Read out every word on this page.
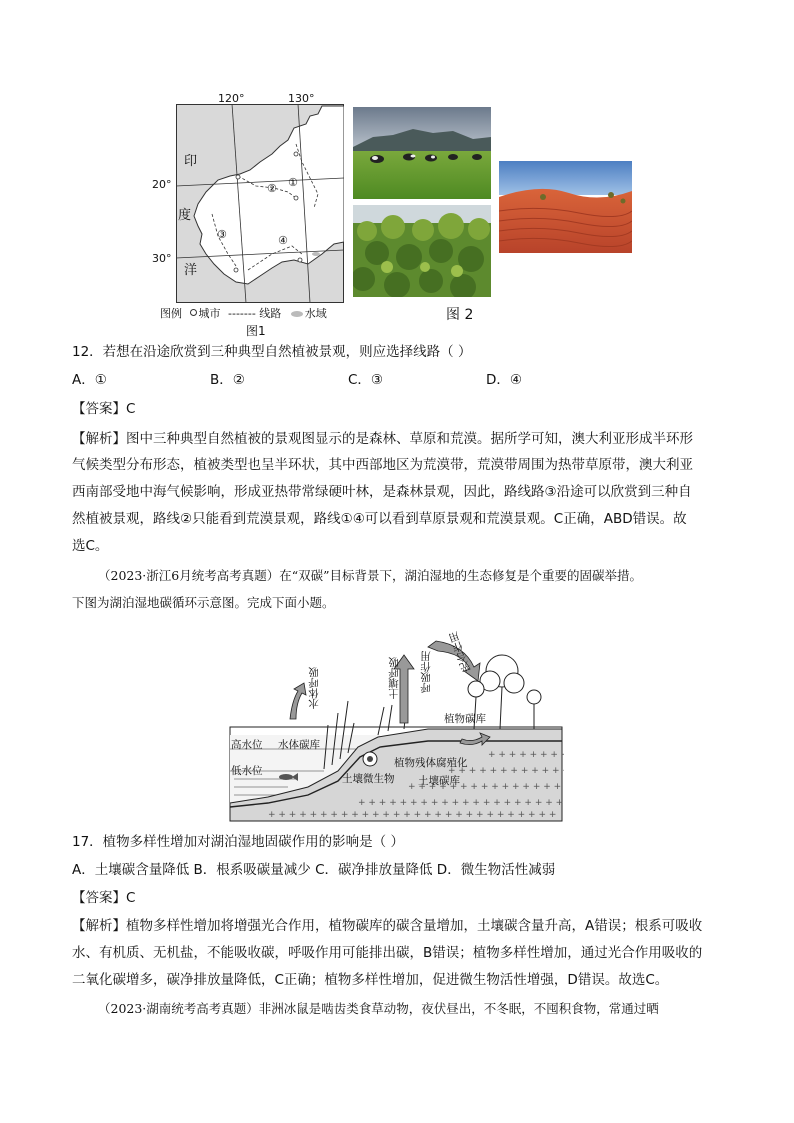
印
度
洋
①
②
③	④
120°	130°
20°
30°
图例 城市 ------- 线路 水域
图1
图 2
12．若想在沿途欣赏到三种典型自然植被景观，则应选择线路（ ）
A．①	B．②	C．③	D．④
【答案】C
【解析】图中三种典型自然植被的景观图显示的是森林、草原和荒漠。据所学可知，澳大利亚形成半环形
气候类型分布形态，植被类型也呈半环状，其中西部地区为荒漠带，荒漠带周围为热带草原带，澳大利亚
西南部受地中海气候影响，形成亚热带常绿硬叶林，是森林景观，因此，路线路③沿途可以欣赏到三种自
然植被景观，路线②只能看到荒漠景观，路线①④可以看到草原景观和荒漠景观。C正确，ABD错误。故
选C。
（2023·浙江6月统考高考真题）在“双碳”目标背景下，湖泊湿地的生态修复是个重要的固碳举措。
下图为湖泊湿地碳循环示意图。完成下面小题。
+ + + + + + + + + + + + + + + + + + + + + + + + + + + +
+ + + + + + + + + + + + + + + + + + + + +
+ + + + + + + + + + + + + + +
+ + + + + + + + + + +
+ + + + + + +
高水位 水体碳库
低水位
水体呼吸	土壤呼吸 呼吸作用 光合作用
植物碳库
植物残体腐殖化
土壤微生物 土壤碳库
17．植物多样性增加对湖泊湿地固碳作用的影响是（ ）
A．土壤碳含量降低 B．根系吸碳量减少 C．碳净排放量降低 D．微生物活性减弱
【答案】C
【解析】植物多样性增加将增强光合作用，植物碳库的碳含量增加，土壤碳含量升高，A错误；根系可吸收
水、有机质、无机盐，不能吸收碳，呼吸作用可能排出碳，B错误；植物多样性增加，通过光合作用吸收的
二氧化碳增多，碳净排放量降低，C正确；植物多样性增加，促进微生物活性增强，D错误。故选C。
（2023·湖南统考高考真题）非洲冰鼠是啮齿类食草动物，夜伏昼出，不冬眠，不囤积食物，常通过晒
